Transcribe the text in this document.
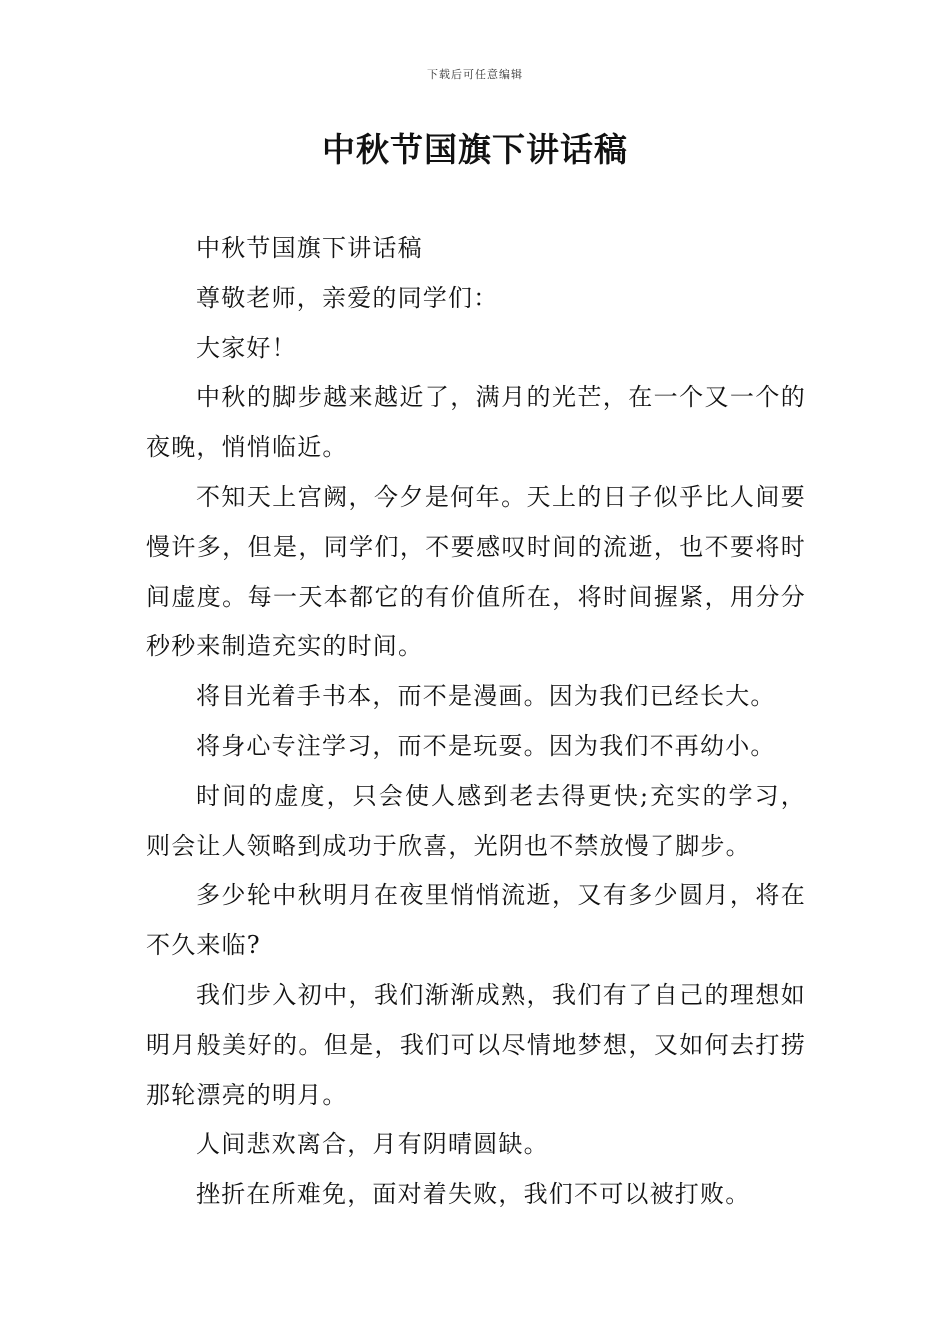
下载后可任意编辑
中秋节国旗下讲话稿

中秋节国旗下讲话稿

尊敬老师，亲爱的同学们：

大家好！

中秋的脚步越来越近了，满月的光芒，在一个又一个的夜晚，悄悄临近。

不知天上宫阙，今夕是何年。天上的日子似乎比人间要慢许多，但是，同学们，不要感叹时间的流逝，也不要将时间虚度。每一天本都它的有价值所在，将时间握紧，用分分秒秒来制造充实的时间。

将目光着手书本，而不是漫画。因为我们已经长大。

将身心专注学习，而不是玩耍。因为我们不再幼小。

时间的虚度，只会使人感到老去得更快;充实的学习，则会让人领略到成功于欣喜，光阴也不禁放慢了脚步。

多少轮中秋明月在夜里悄悄流逝，又有多少圆月，将在不久来临?

我们步入初中，我们渐渐成熟，我们有了自己的理想如明月般美好的。但是，我们可以尽情地梦想，又如何去打捞那轮漂亮的明月。

人间悲欢离合，月有阴晴圆缺。

挫折在所难免，面对着失败，我们不可以被打败。
